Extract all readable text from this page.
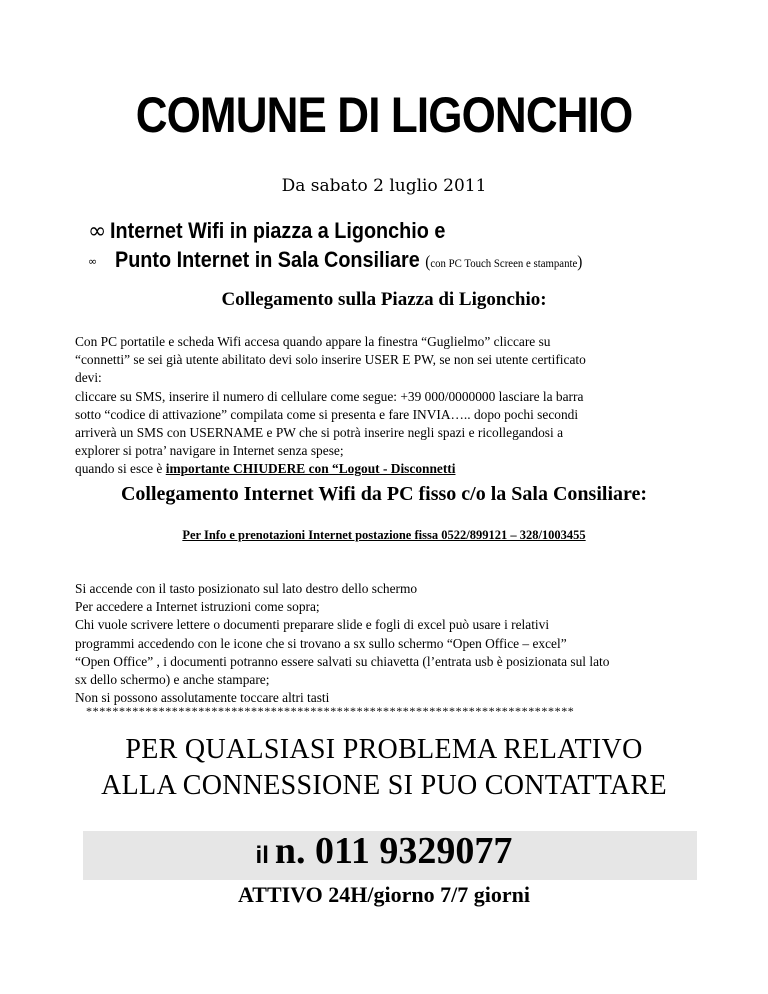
COMUNE DI LIGONCHIO
Da sabato 2 luglio 2011
∞ Internet Wifi in piazza a Ligonchio e
∞ Punto Internet in Sala Consiliare (con PC Touch Screen e stampante)
Collegamento sulla Piazza di Ligonchio:
Con PC portatile e scheda Wifi accesa quando appare la finestra “Guglielmo” cliccare su
“connetti” se sei già utente abilitato devi solo inserire USER E PW, se non sei utente certificato
devi:
cliccare su SMS, inserire il numero di cellulare come segue: +39 000/0000000 lasciare la barra
sotto “codice di attivazione” compilata come si presenta e fare INVIA….. dopo pochi secondi
arriverà un SMS con USERNAME e PW che si potrà inserire negli spazi e ricollegandosi a
explorer si potra’ navigare in Internet senza spese;
quando si esce è importante CHIUDERE con “Logout - Disconnetti
Collegamento Internet Wifi da PC fisso c/o la Sala Consiliare:
Per Info e prenotazioni Internet postazione fissa 0522/899121 – 328/1003455
Si accende con il tasto posizionato sul lato destro dello schermo
Per accedere a Internet istruzioni come sopra;
Chi vuole scrivere lettere o documenti preparare slide e fogli di excel può usare i relativi
programmi accedendo con le icone che si trovano a sx sullo schermo “Open Office – excel”
“Open Office” , i documenti potranno essere salvati su chiavetta (l’entrata usb è posizionata sul lato
sx dello schermo) e anche stampare;
Non si possono assolutamente toccare altri tasti
**************************************************************************
PER QUALSIASI PROBLEMA RELATIVO
ALLA CONNESSIONE SI PUO CONTATTARE
il n. 011 9329077
ATTIVO 24H/giorno 7/7 giorni
